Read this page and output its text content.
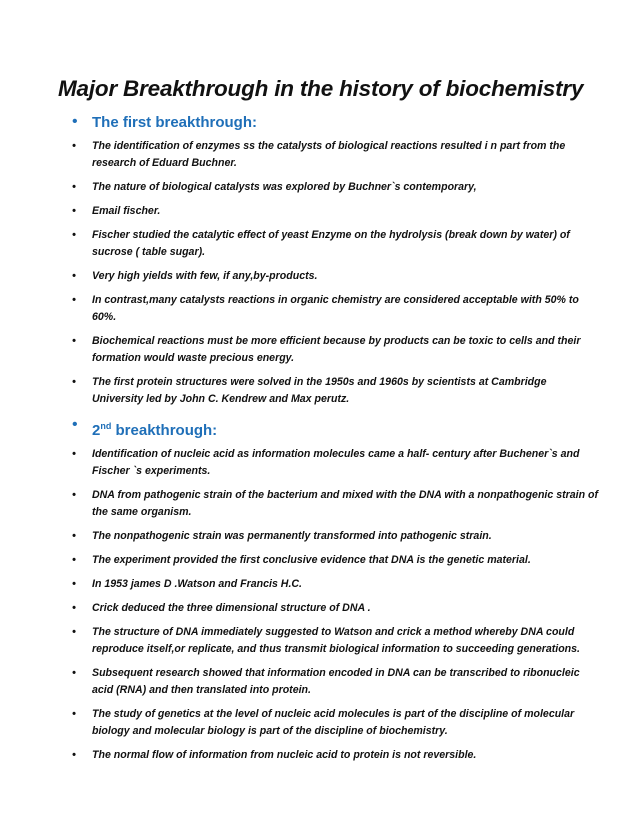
Major Breakthrough in the history of biochemistry
• The first breakthrough:
• The identification of enzymes ss the catalysts of biological reactions resulted i n part from the research of Eduard Buchner.
• The nature of biological catalysts was explored by Buchner`s contemporary,
• Email fischer.
• Fischer studied the catalytic effect of yeast Enzyme on the hydrolysis (break down by water) of sucrose ( table sugar).
• Very high yields with few, if any,by-products.
• In contrast,many catalysts reactions in organic chemistry are considered acceptable with 50% to 60%.
• Biochemical reactions must be more efficient because by products can be toxic to cells and their formation would waste precious energy.
• The first protein structures were solved in the 1950s and 1960s by scientists at Cambridge University led by John C. Kendrew and Max perutz.
• 2nd breakthrough:
• Identification of nucleic acid as information molecules came a half- century after Buchener`s and Fischer `s experiments.
• DNA from pathogenic strain of the bacterium and mixed with the DNA with a nonpathogenic strain of the same organism.
• The nonpathogenic strain was permanently transformed into pathogenic strain.
• The experiment provided the first conclusive evidence that DNA is the genetic material.
• In 1953 james D .Watson and Francis H.C.
• Crick deduced the three dimensional structure of DNA .
• The structure of DNA immediately suggested to Watson and crick a method whereby DNA could reproduce itself,or replicate, and thus transmit biological information to succeeding generations.
• Subsequent research showed that information encoded in DNA can be transcribed to ribonucleic acid (RNA) and then translated into protein.
• The study of genetics at the level of nucleic acid molecules is part of the discipline of molecular biology and molecular biology is part of the discipline of biochemistry.
• The normal flow of information from nucleic acid to protein is not reversible.
